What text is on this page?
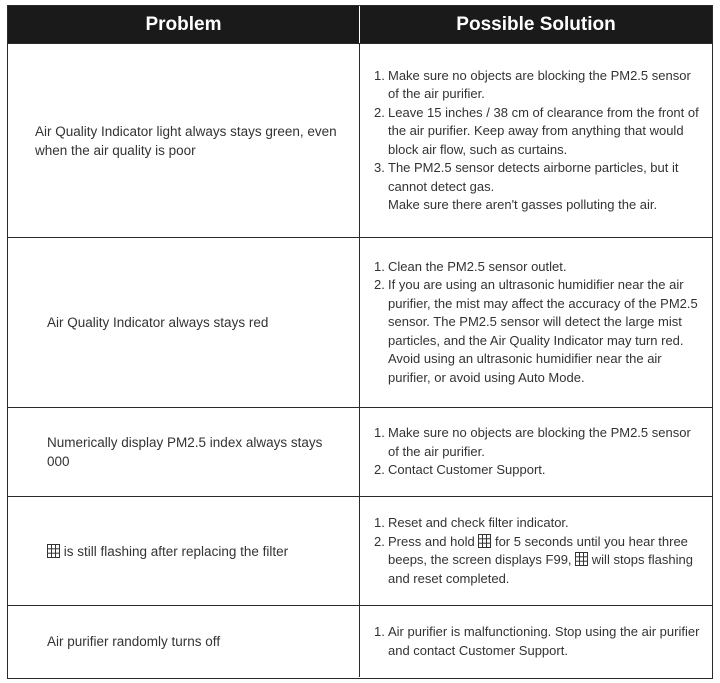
Problem	Possible Solution
Air Quality Indicator light always stays green, even when the air quality is poor
1. Make sure no objects are blocking the PM2.5 sensor of the air purifier.
2. Leave 15 inches / 38 cm of clearance from the front of the air purifier. Keep away from anything that would block air flow, such as curtains.
3. The PM2.5 sensor detects airborne particles, but it cannot detect gas.
Make sure there aren't gasses polluting the air.
Air Quality Indicator always stays red
1. Clean the PM2.5 sensor outlet.
2. If you are using an ultrasonic humidifier near the air purifier, the mist may affect the accuracy of the PM2.5 sensor. The PM2.5 sensor will detect the large mist particles, and the Air Quality Indicator may turn red. Avoid using an ultrasonic humidifier near the air purifier, or avoid using Auto Mode.
Numerically display PM2.5 index always stays 000
1. Make sure no objects are blocking the PM2.5 sensor of the air purifier.
2. Contact Customer Support.
is still flashing after replacing the filter
1. Reset and check filter indicator.
2. Press and hold  for 5 seconds until you hear three beeps, the screen displays F99,  will stops flashing and reset completed.
Air purifier randomly turns off
1. Air purifier is malfunctioning. Stop using the air purifier and contact Customer Support.
